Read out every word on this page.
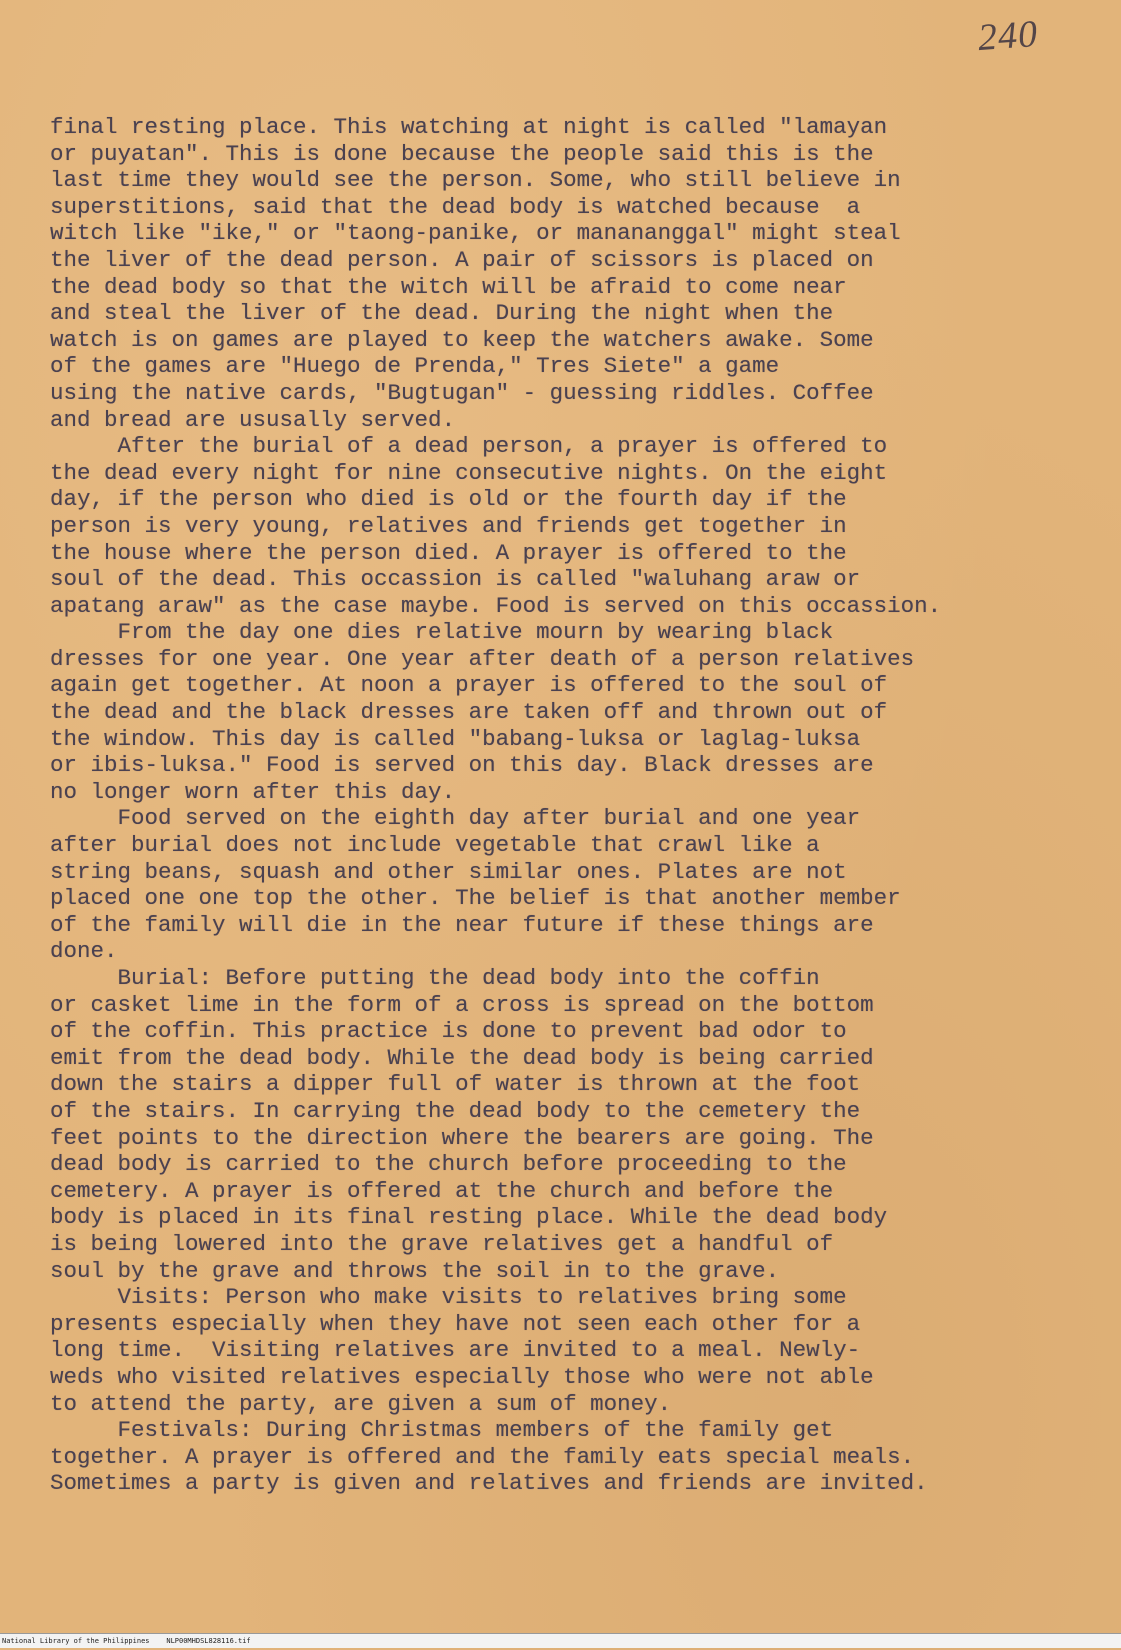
240
final resting place. This watching at night is called "lamayan
or puyatan". This is done because the people said this is the
last time they would see the person. Some, who still believe in
superstitions, said that the dead body is watched because  a
witch like "ike," or "taong-panike, or manananggal" might steal
the liver of the dead person. A pair of scissors is placed on
the dead body so that the witch will be afraid to come near
and steal the liver of the dead. During the night when the
watch is on games are played to keep the watchers awake. Some
of the games are "Huego de Prenda," Tres Siete" a game
using the native cards, "Bugtugan" - guessing riddles. Coffee
and bread are ususally served.
After the burial of a dead person, a prayer is offered to
the dead every night for nine consecutive nights. On the eight
day, if the person who died is old or the fourth day if the
person is very young, relatives and friends get together in
the house where the person died. A prayer is offered to the
soul of the dead. This occassion is called "waluhang araw or
apatang araw" as the case maybe. Food is served on this occassion.
From the day one dies relative mourn by wearing black
dresses for one year. One year after death of a person relatives
again get together. At noon a prayer is offered to the soul of
the dead and the black dresses are taken off and thrown out of
the window. This day is called "babang-luksa or laglag-luksa
or ibis-luksa." Food is served on this day. Black dresses are
no longer worn after this day.
Food served on the eighth day after burial and one year
after burial does not include vegetable that crawl like a
string beans, squash and other similar ones. Plates are not
placed one one top the other. The belief is that another member
of the family will die in the near future if these things are
done.
Burial: Before putting the dead body into the coffin
or casket lime in the form of a cross is spread on the bottom
of the coffin. This practice is done to prevent bad odor to
emit from the dead body. While the dead body is being carried
down the stairs a dipper full of water is thrown at the foot
of the stairs. In carrying the dead body to the cemetery the
feet points to the direction where the bearers are going. The
dead body is carried to the church before proceeding to the
cemetery. A prayer is offered at the church and before the
body is placed in its final resting place. While the dead body
is being lowered into the grave relatives get a handful of
soul by the grave and throws the soil in to the grave.
Visits: Person who make visits to relatives bring some
presents especially when they have not seen each other for a
long time.  Visiting relatives are invited to a meal. Newly-
weds who visited relatives especially those who were not able
to attend the party, are given a sum of money.
Festivals: During Christmas members of the family get
together. A prayer is offered and the family eats special meals.
Sometimes a party is given and relatives and friends are invited.
National Library of the Philippines    NLP00MHDSL828116.tif
